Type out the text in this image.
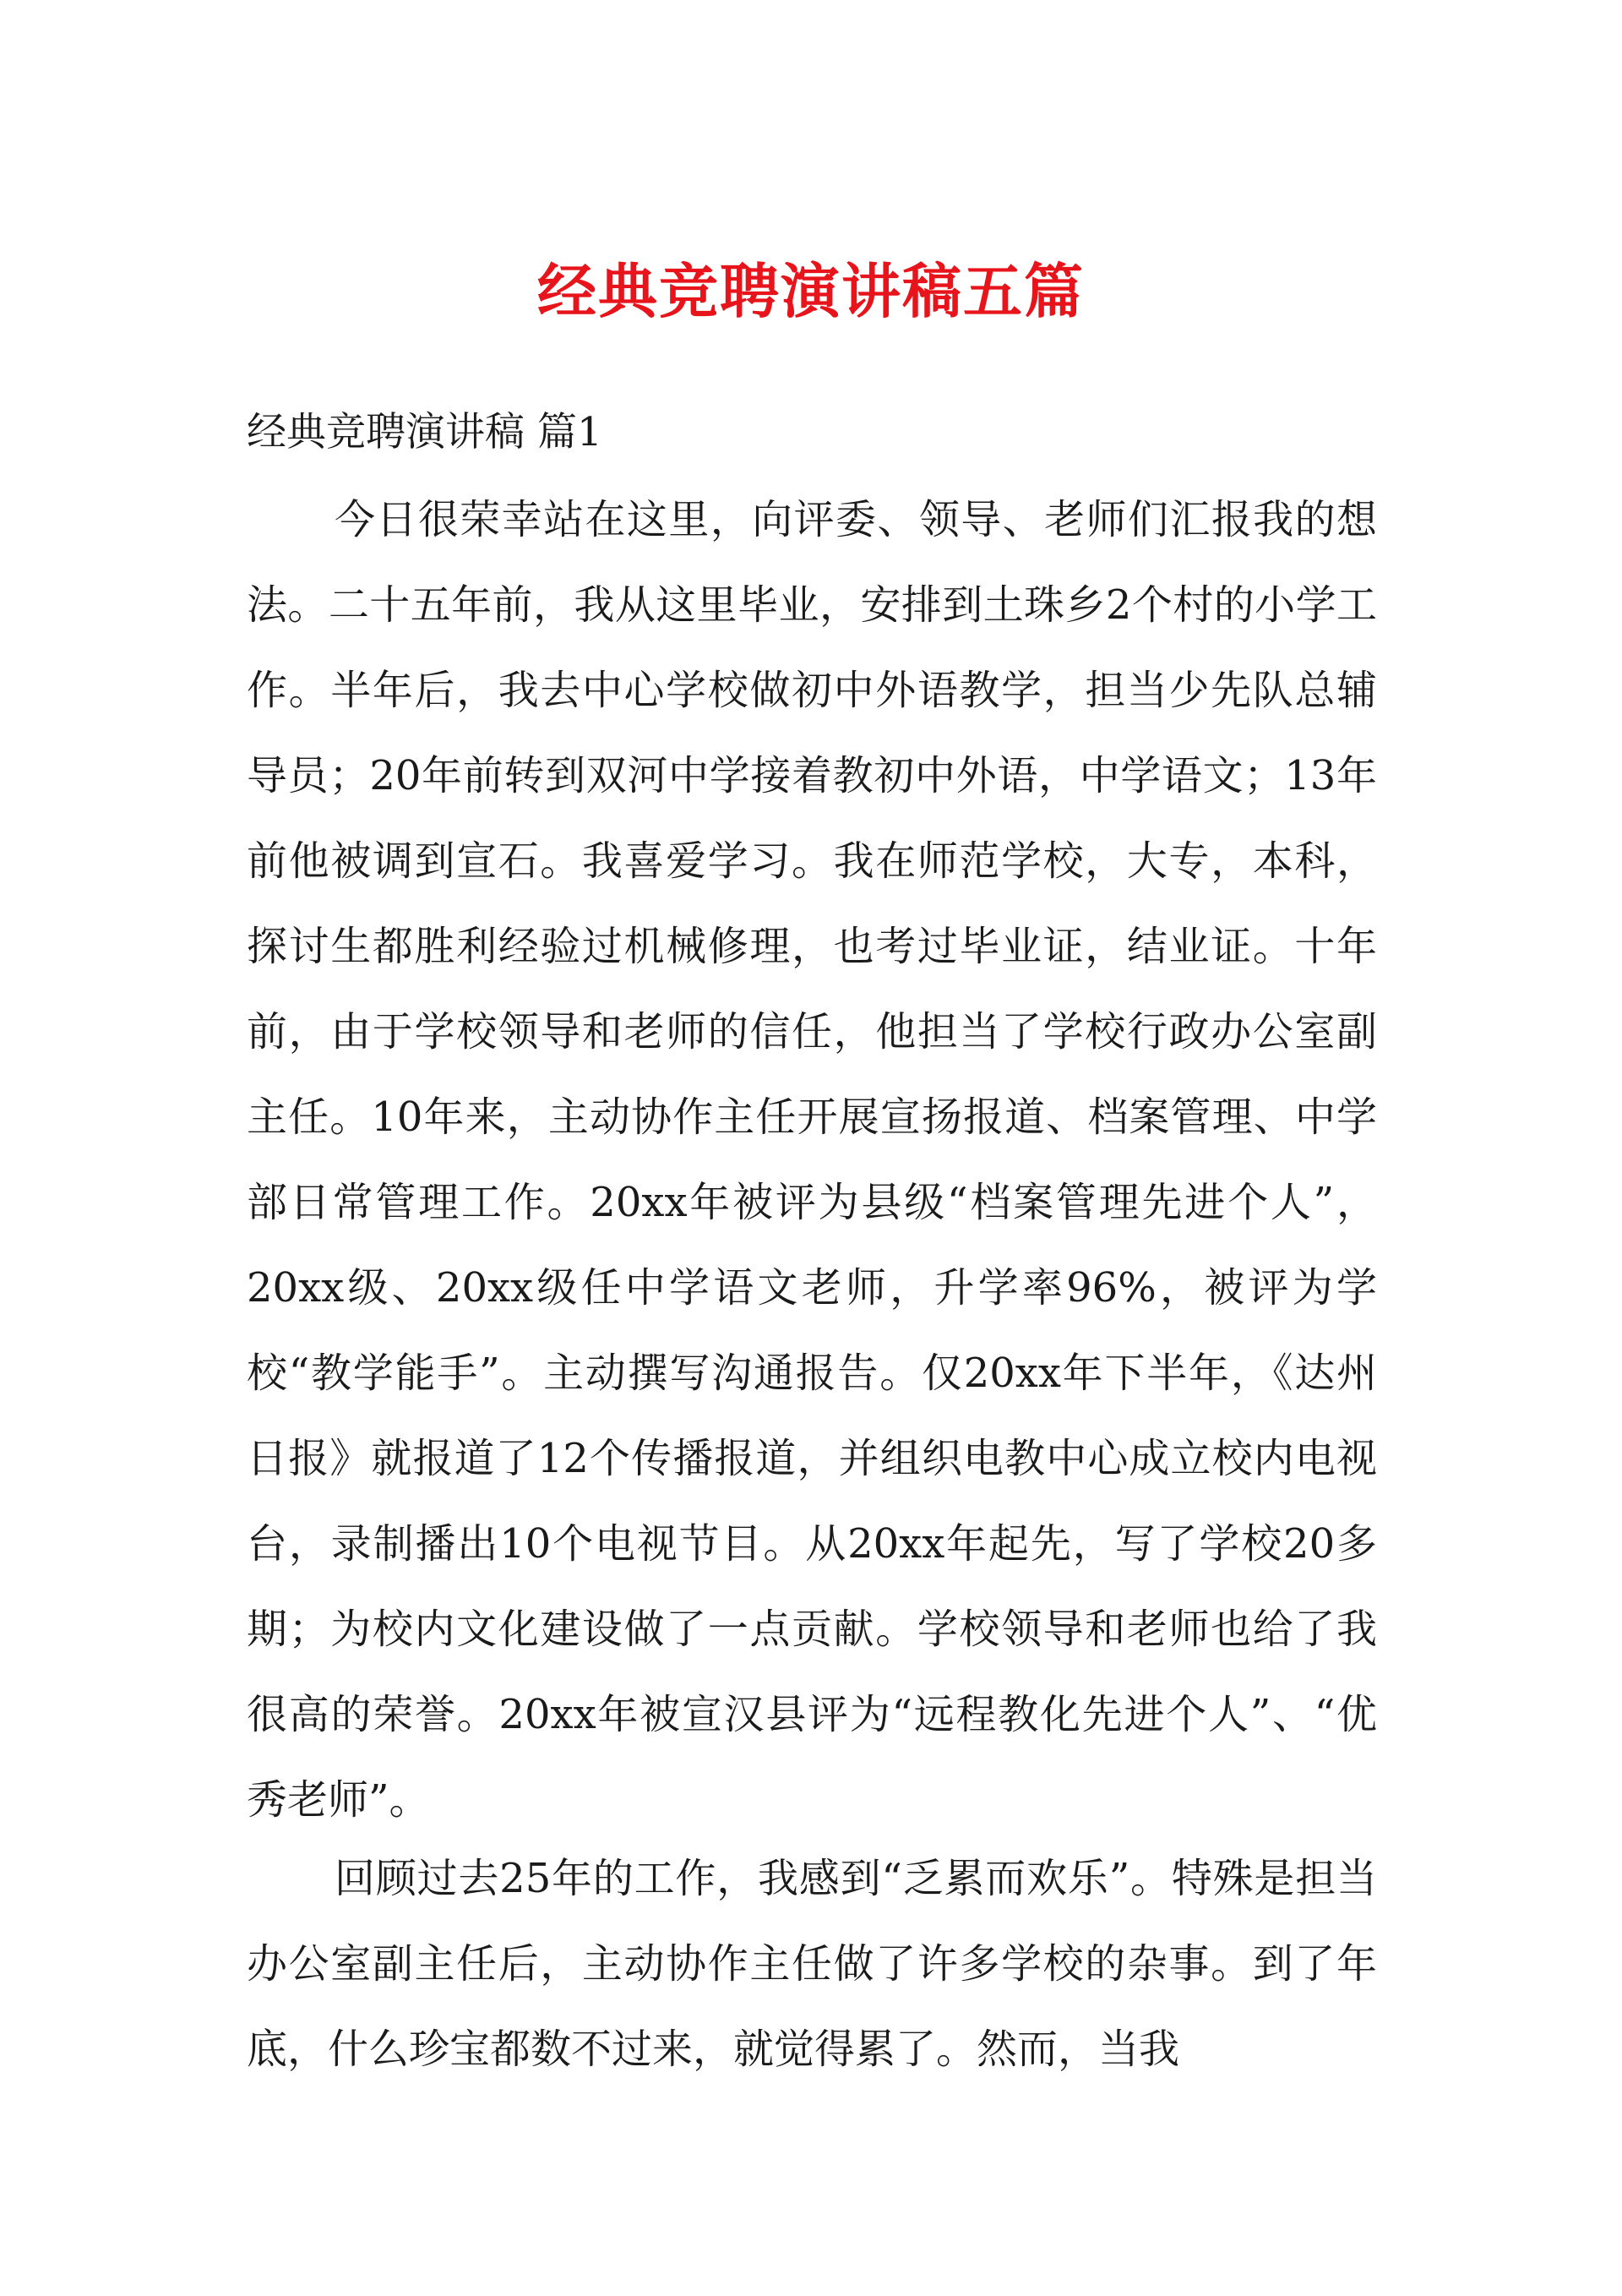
经典竞聘演讲稿五篇
经典竞聘演讲稿 篇1

今日很荣幸站在这里，向评委、领导、老师们汇报我的想法。二十五年前，我从这里毕业，安排到土珠乡2个村的小学工作。半年后，我去中心学校做初中外语教学，担当少先队总辅导员；20年前转到双河中学接着教初中外语，中学语文；13年前他被调到宣石。我喜爱学习。我在师范学校，大专，本科，探讨生都胜利经验过机械修理，也考过毕业证，结业证。十年前，由于学校领导和老师的信任，他担当了学校行政办公室副主任。10年来，主动协作主任开展宣扬报道、档案管理、中学部日常管理工作。20xx年被评为县级“档案管理先进个人”，20xx级、20xx级任中学语文老师，升学率96%，被评为学校“教学能手”。主动撰写沟通报告。仅20xx年下半年，《达州日报》就报道了12个传播报道，并组织电教中心成立校内电视台，录制播出10个电视节目。从20xx年起先，写了学校20多期；为校内文化建设做了一点贡献。学校领导和老师也给了我很高的荣誉。20xx年被宣汉县评为“远程教化先进个人”、“优秀老师”。

回顾过去25年的工作，我感到“乏累而欢乐”。特殊是担当办公室副主任后，主动协作主任做了许多学校的杂事。到了年底，什么珍宝都数不过来，就觉得累了。然而，当我
